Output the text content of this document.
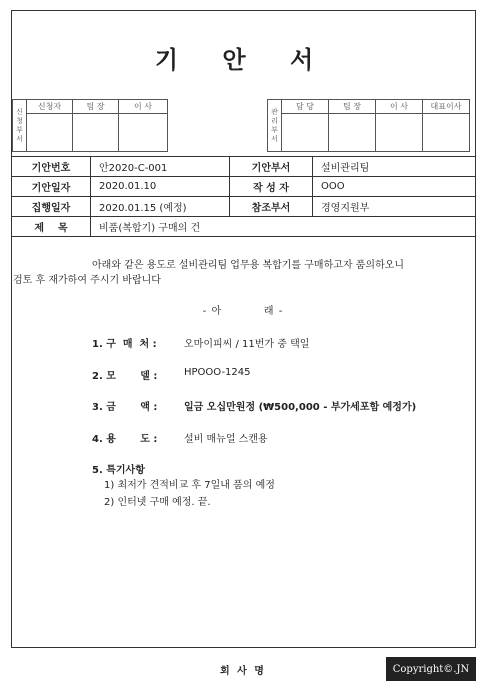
기 안 서
신
청
부
서	신청자	팀 장	이 사

관
리
부
서	담 당	팀 장	이 사	대표이사

기안번호	안2020-C-001	기안부서	설비관리팀
기안일자	2020.01.10	작 성 자	OOO
집행일자	2020.01.15 (예정)	참조부서	경영지원부
제    목	비품(복합기) 구매의 건		
아래와 같은 용도로 설비관리팀 업무용 복합기를 구매하고자 품의하오니
검토 후 재가하여 주시기 바랍니다
- 아          래 -
1. 구  매  처 :	오마이피씨 / 11번가 중 택일
2. 모       델 :	HPOOO-1245
3. 금       액 :	일금 오십만원정 (₩500,000 - 부가세포함 예정가)
4. 용       도 :	설비 매뉴얼 스캔용
5. 특기사항
1) 최저가 견적비교 후 7일내 품의 예정
2) 인터넷 구매 예정. 끝.
회 사 명	Copyright©.JN
